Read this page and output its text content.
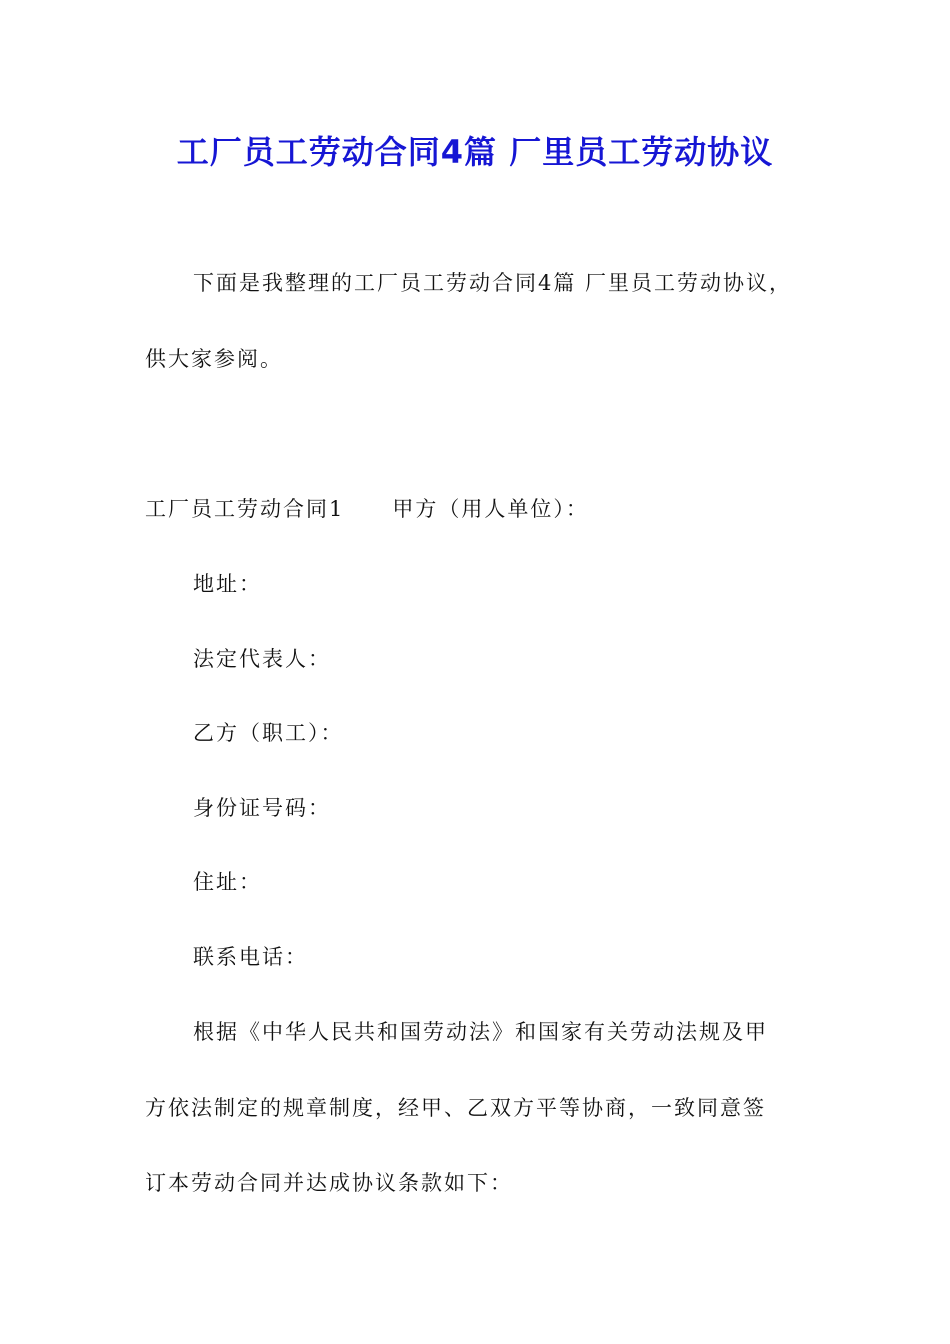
工厂员工劳动合同4篇 厂里员工劳动协议
下面是我整理的工厂员工劳动合同4篇 厂里员工劳动协议，
供大家参阅。
工厂员工劳动合同1 甲方（用人单位）：
地址：
法定代表人：
乙方（职工）：
身份证号码：
住址：
联系电话：
根据《中华人民共和国劳动法》和国家有关劳动法规及甲
方依法制定的规章制度，经甲、乙双方平等协商，一致同意签
订本劳动合同并达成协议条款如下：
